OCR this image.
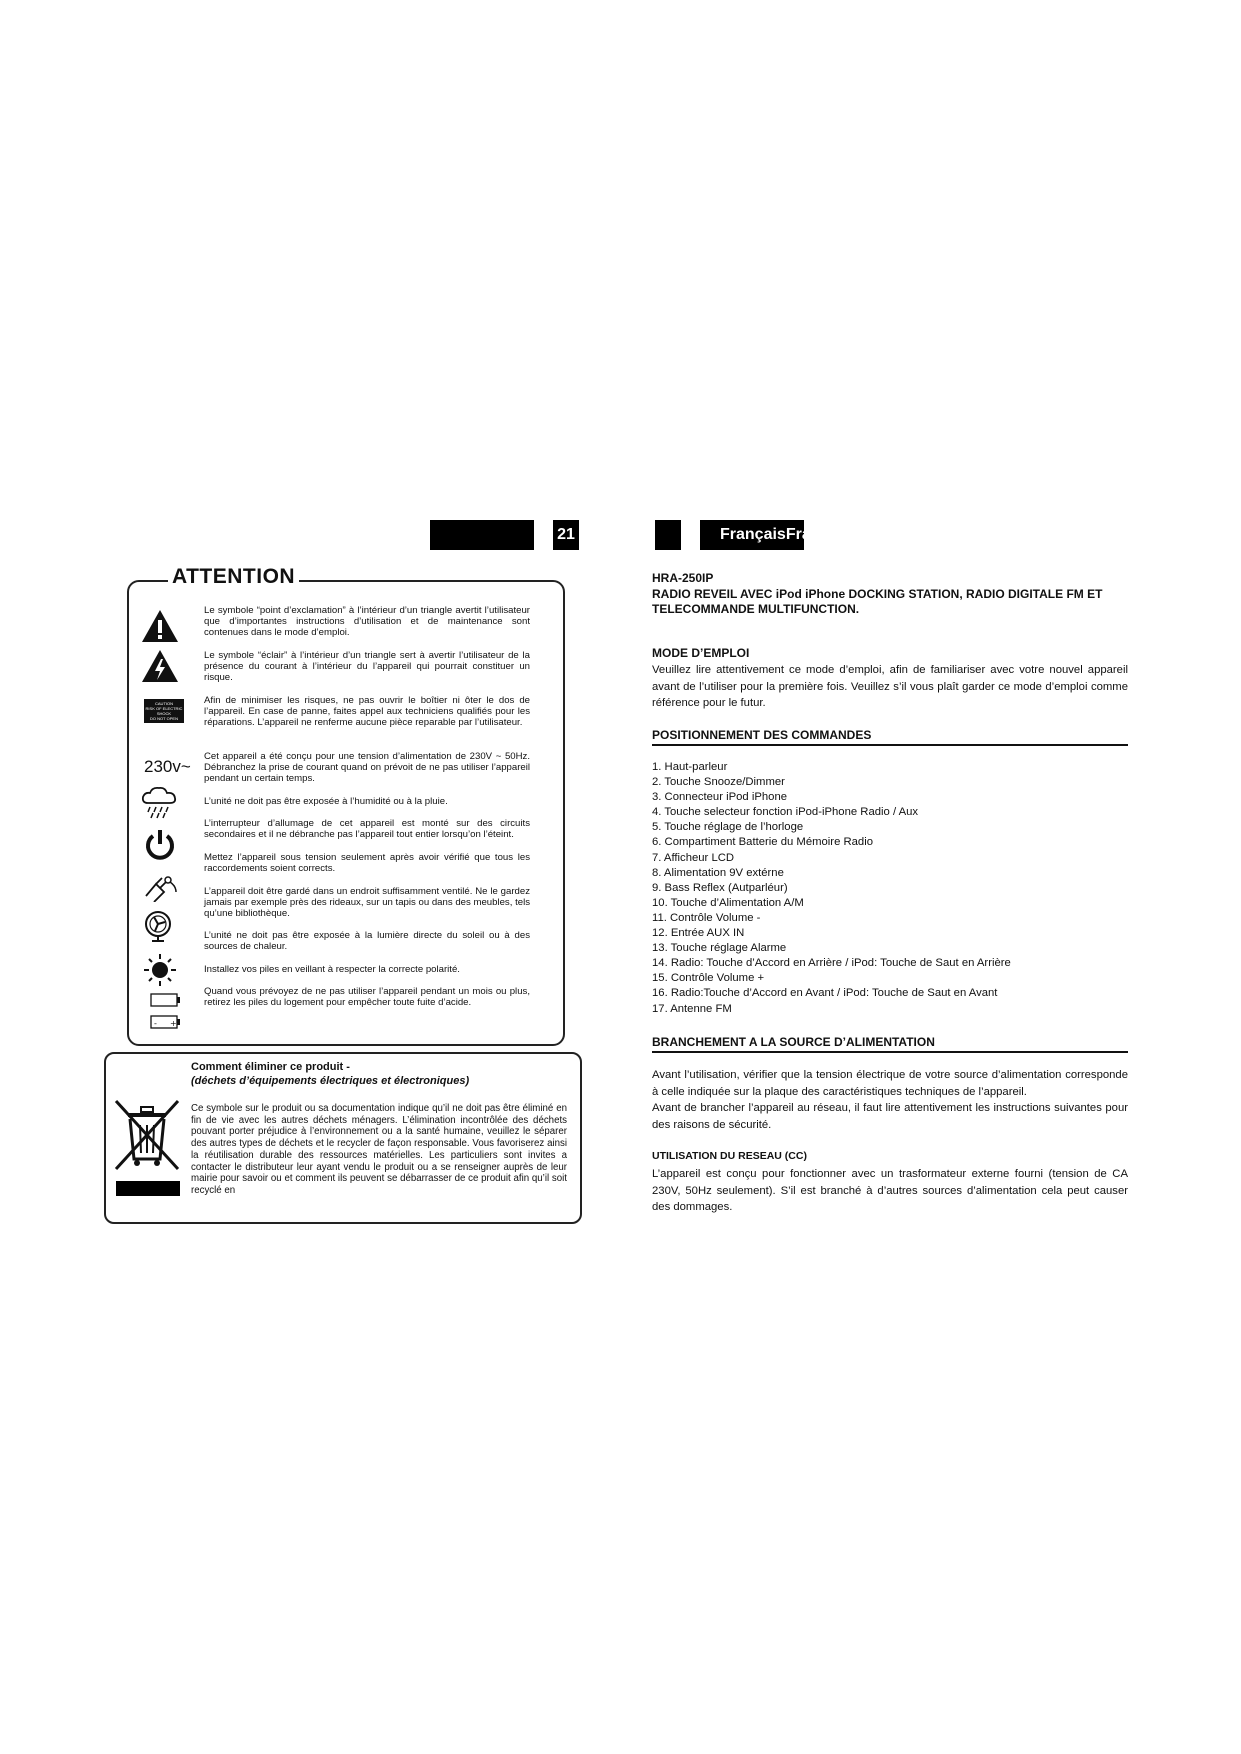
21	FrançaisFra
ATTENTION
CAUTION
RISK OF ELECTRIC SHOCK
DO NOT OPEN
230v~
+
-
Le symbole “point d’exclamation” à l’intérieur d’un triangle avertit l’utilisateur que d’importantes instructions d’utilisation et de maintenance sont contenues dans le mode d’emploi.
Le symbole “éclair” à l’intérieur d’un triangle sert à avertir l’utilisateur de la présence du courant à l’intérieur du l’appareil qui pourrait constituer un risque.
Afin de minimiser les risques, ne pas ouvrir le boîtier ni ôter le dos de l’appareil. En case de panne, faites appel aux techniciens qualifiés pour les réparations. L’appareil ne renferme aucune pièce reparable par l’utilisateur.
Cet appareil a été conçu pour une tension d’alimentation de 230V ~ 50Hz. Débranchez la prise de courant quand on prévoit de ne pas utiliser l’appareil pendant un certain temps.
L’unité ne doit pas être exposée à l’humidité ou à la pluie.
L’interrupteur d’allumage de cet appareil est monté sur des circuits secondaires et il ne débranche pas l’appareil tout entier lorsqu’on l’éteint.
Mettez l’appareil sous tension seulement après avoir vérifié que tous les raccordements soient corrects.
L’appareil doit être gardé dans un endroit suffisamment ventilé. Ne le gardez jamais par exemple près des rideaux, sur un tapis ou dans des meubles, tels qu’une bibliothèque.
L’unité ne doit pas être exposée à la lumière directe du soleil ou à des sources de chaleur.
Installez vos piles en veillant à respecter la correcte polarité.
Quand vous prévoyez de ne pas utiliser l’appareil pendant un mois ou plus, retirez les piles du logement pour empêcher toute fuite d’acide.
Comment éliminer ce produit -
(déchets d’équipements électriques et électroniques)
Ce symbole sur le produit ou sa documentation indique qu’il ne doit pas être éliminé en fin de vie avec les autres déchets ménagers. L’élimination incontrôlée des déchets pouvant porter préjudice à l’environnement ou a la santé humaine, veuillez le séparer des autres types de déchets et le recycler de façon responsable. Vous favoriserez ainsi la réutilisation durable des ressources matérielles. Les particuliers sont invites a contacter le distributeur leur ayant vendu le produit ou a se renseigner auprès de leur mairie pour savoir ou et comment ils peuvent se débarrasser de ce produit afin qu’il soit recyclé en
HRA-250IP
RADIO REVEIL AVEC iPod iPhone DOCKING STATION, RADIO DIGITALE FM ET TELECOMMANDE MULTIFUNCTION.
MODE D’EMPLOI
Veuillez lire attentivement ce mode d’emploi, afin de familiariser avec votre nouvel appareil avant de l’utiliser pour la première fois. Veuillez s’il vous plaît garder ce mode d’emploi comme référence pour le futur.
POSITIONNEMENT DES COMMANDES
1. Haut-parleur
2. Touche Snooze/Dimmer
3. Connecteur iPod iPhone
4. Touche selecteur fonction iPod-iPhone Radio / Aux
5. Touche réglage de l’horloge
6. Compartiment Batterie du Mémoire Radio
7. Afficheur LCD
8. Alimentation 9V extérne
9. Bass Reflex (Autparléur)
10. Touche d’Alimentation A/M
11. Contrôle Volume -
12. Entrée AUX IN
13. Touche réglage Alarme
14. Radio: Touche d’Accord en Arrière / iPod: Touche de Saut en Arrière
15. Contrôle Volume +
16. Radio:Touche d’Accord en Avant / iPod: Touche de Saut en Avant
17. Antenne FM
BRANCHEMENT A LA SOURCE D’ALIMENTATION
Avant l’utilisation, vérifier que la tension électrique de votre source d’alimentation corresponde à celle indiquée sur la plaque des caractéristiques techniques de l’appareil.
Avant de brancher l’appareil au réseau, il faut lire attentivement les instructions suivantes pour des raisons de sécurité.
UTILISATION DU RESEAU (CC)
L’appareil est conçu pour fonctionner avec un trasformateur externe fourni (tension de CA 230V, 50Hz seulement). S’il est branché à d’autres sources d’alimentation cela peut causer des dommages.
